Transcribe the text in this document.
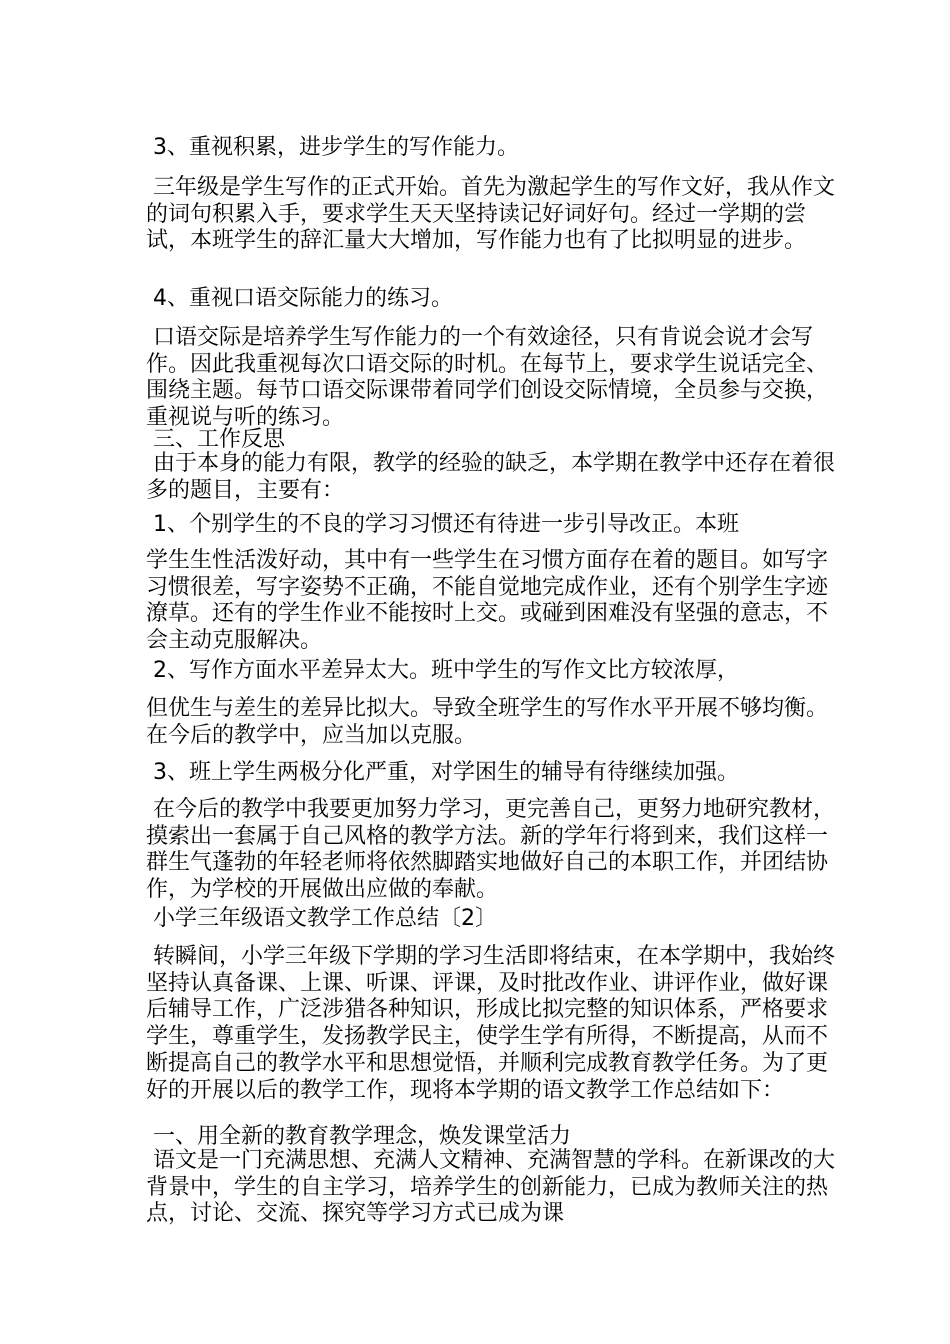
3、重视积累，进步学生的写作能力。

三年级是学生写作的正式开始。首先为激起学生的写作文好，我从作文的词句积累入手，要求学生天天坚持读记好词好句。经过一学期的尝试，本班学生的辞汇量大大增加，写作能力也有了比拟明显的进步。

4、重视口语交际能力的练习。

口语交际是培养学生写作能力的一个有效途径，只有肯说会说才会写作。因此我重视每次口语交际的时机。在每节上，要求学生说话完全、围绕主题。每节口语交际课带着同学们创设交际情境，全员参与交换，重视说与听的练习。

三、工作反思

由于本身的能力有限，教学的经验的缺乏，本学期在教学中还存在着很多的题目，主要有：

1、个别学生的不良的学习习惯还有待进一步引导改正。本班

学生生性活泼好动，其中有一些学生在习惯方面存在着的题目。如写字习惯很差，写字姿势不正确，不能自觉地完成作业，还有个别学生字迹潦草。还有的学生作业不能按时上交。或碰到困难没有坚强的意志，不会主动克服解决。

2、写作方面水平差异太大。班中学生的写作文比方较浓厚，

但优生与差生的差异比拟大。导致全班学生的写作水平开展不够均衡。在今后的教学中，应当加以克服。

3、班上学生两极分化严重，对学困生的辅导有待继续加强。

在今后的教学中我要更加努力学习，更完善自己，更努力地研究教材，摸索出一套属于自己风格的教学方法。新的学年行将到来，我们这样一群生气蓬勃的年轻老师将依然脚踏实地做好自己的本职工作，并团结协作，为学校的开展做出应做的奉献。

小学三年级语文教学工作总结〔2〕

转瞬间，小学三年级下学期的学习生活即将结束，在本学期中，我始终坚持认真备课、上课、听课、评课，及时批改作业、讲评作业，做好课后辅导工作，广泛涉猎各种知识，形成比拟完整的知识体系，严格要求学生，尊重学生，发扬教学民主，使学生学有所得，不断提高，从而不断提高自己的教学水平和思想觉悟，并顺利完成教育教学任务。为了更好的开展以后的教学工作，现将本学期的语文教学工作总结如下：

一、用全新的教育教学理念，焕发课堂活力

语文是一门充满思想、充满人文精神、充满智慧的学科。在新课改的大背景中，学生的自主学习，培养学生的创新能力，已成为教师关注的热点，讨论、交流、探究等学习方式已成为课
